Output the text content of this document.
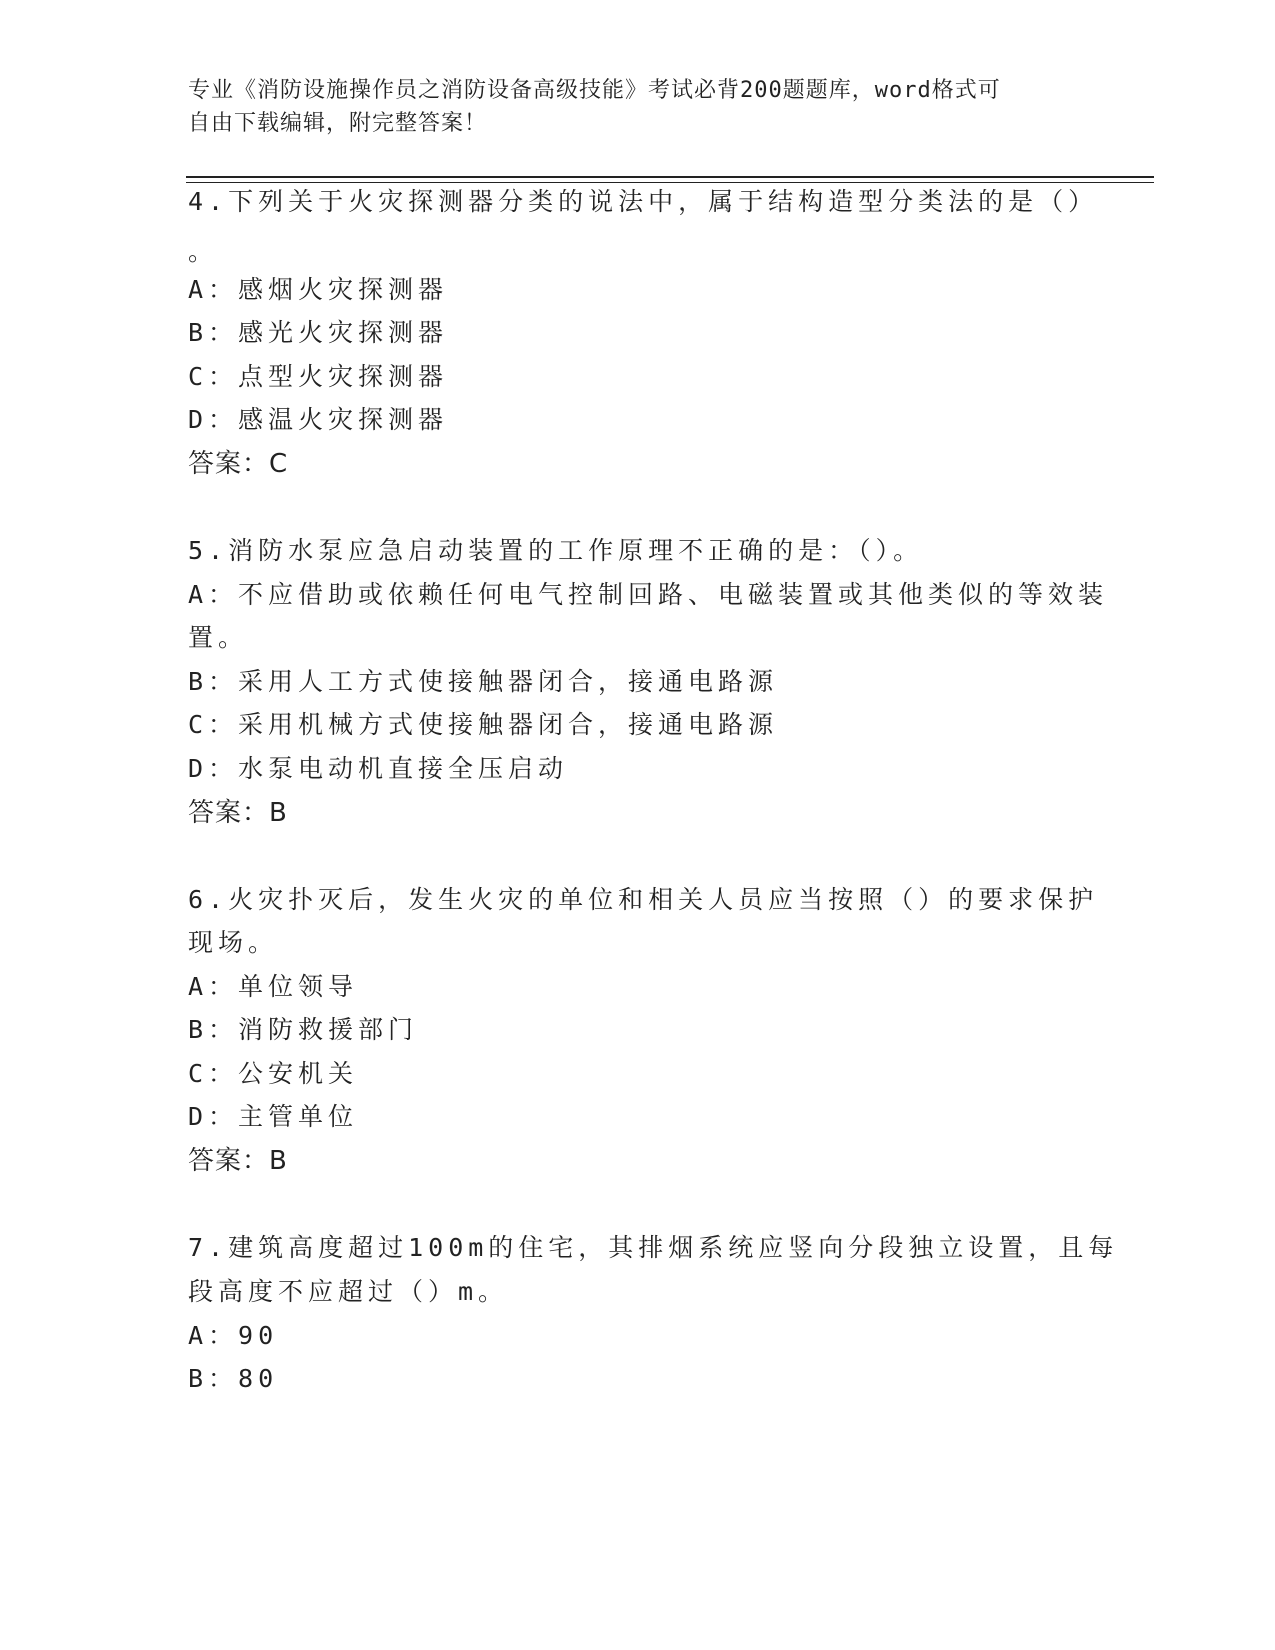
专业《消防设施操作员之消防设备高级技能》考试必背200题题库，word格式可
自由下载编辑，附完整答案！
4.下列关于火灾探测器分类的说法中，属于结构造型分类法的是（）
。
A：感烟火灾探测器
B：感光火灾探测器
C：点型火灾探测器
D：感温火灾探测器
答案：C
5.消防水泵应急启动装置的工作原理不正确的是：（）。
A：不应借助或依赖任何电气控制回路、电磁装置或其他类似的等效装
置。
B：采用人工方式使接触器闭合，接通电路源
C：采用机械方式使接触器闭合，接通电路源
D：水泵电动机直接全压启动
答案：B
6.火灾扑灭后，发生火灾的单位和相关人员应当按照（）的要求保护
现场。
A：单位领导
B：消防救援部门
C：公安机关
D：主管单位
答案：B
7.建筑高度超过100m的住宅，其排烟系统应竖向分段独立设置，且每
段高度不应超过（）m。
A：90
B：80
